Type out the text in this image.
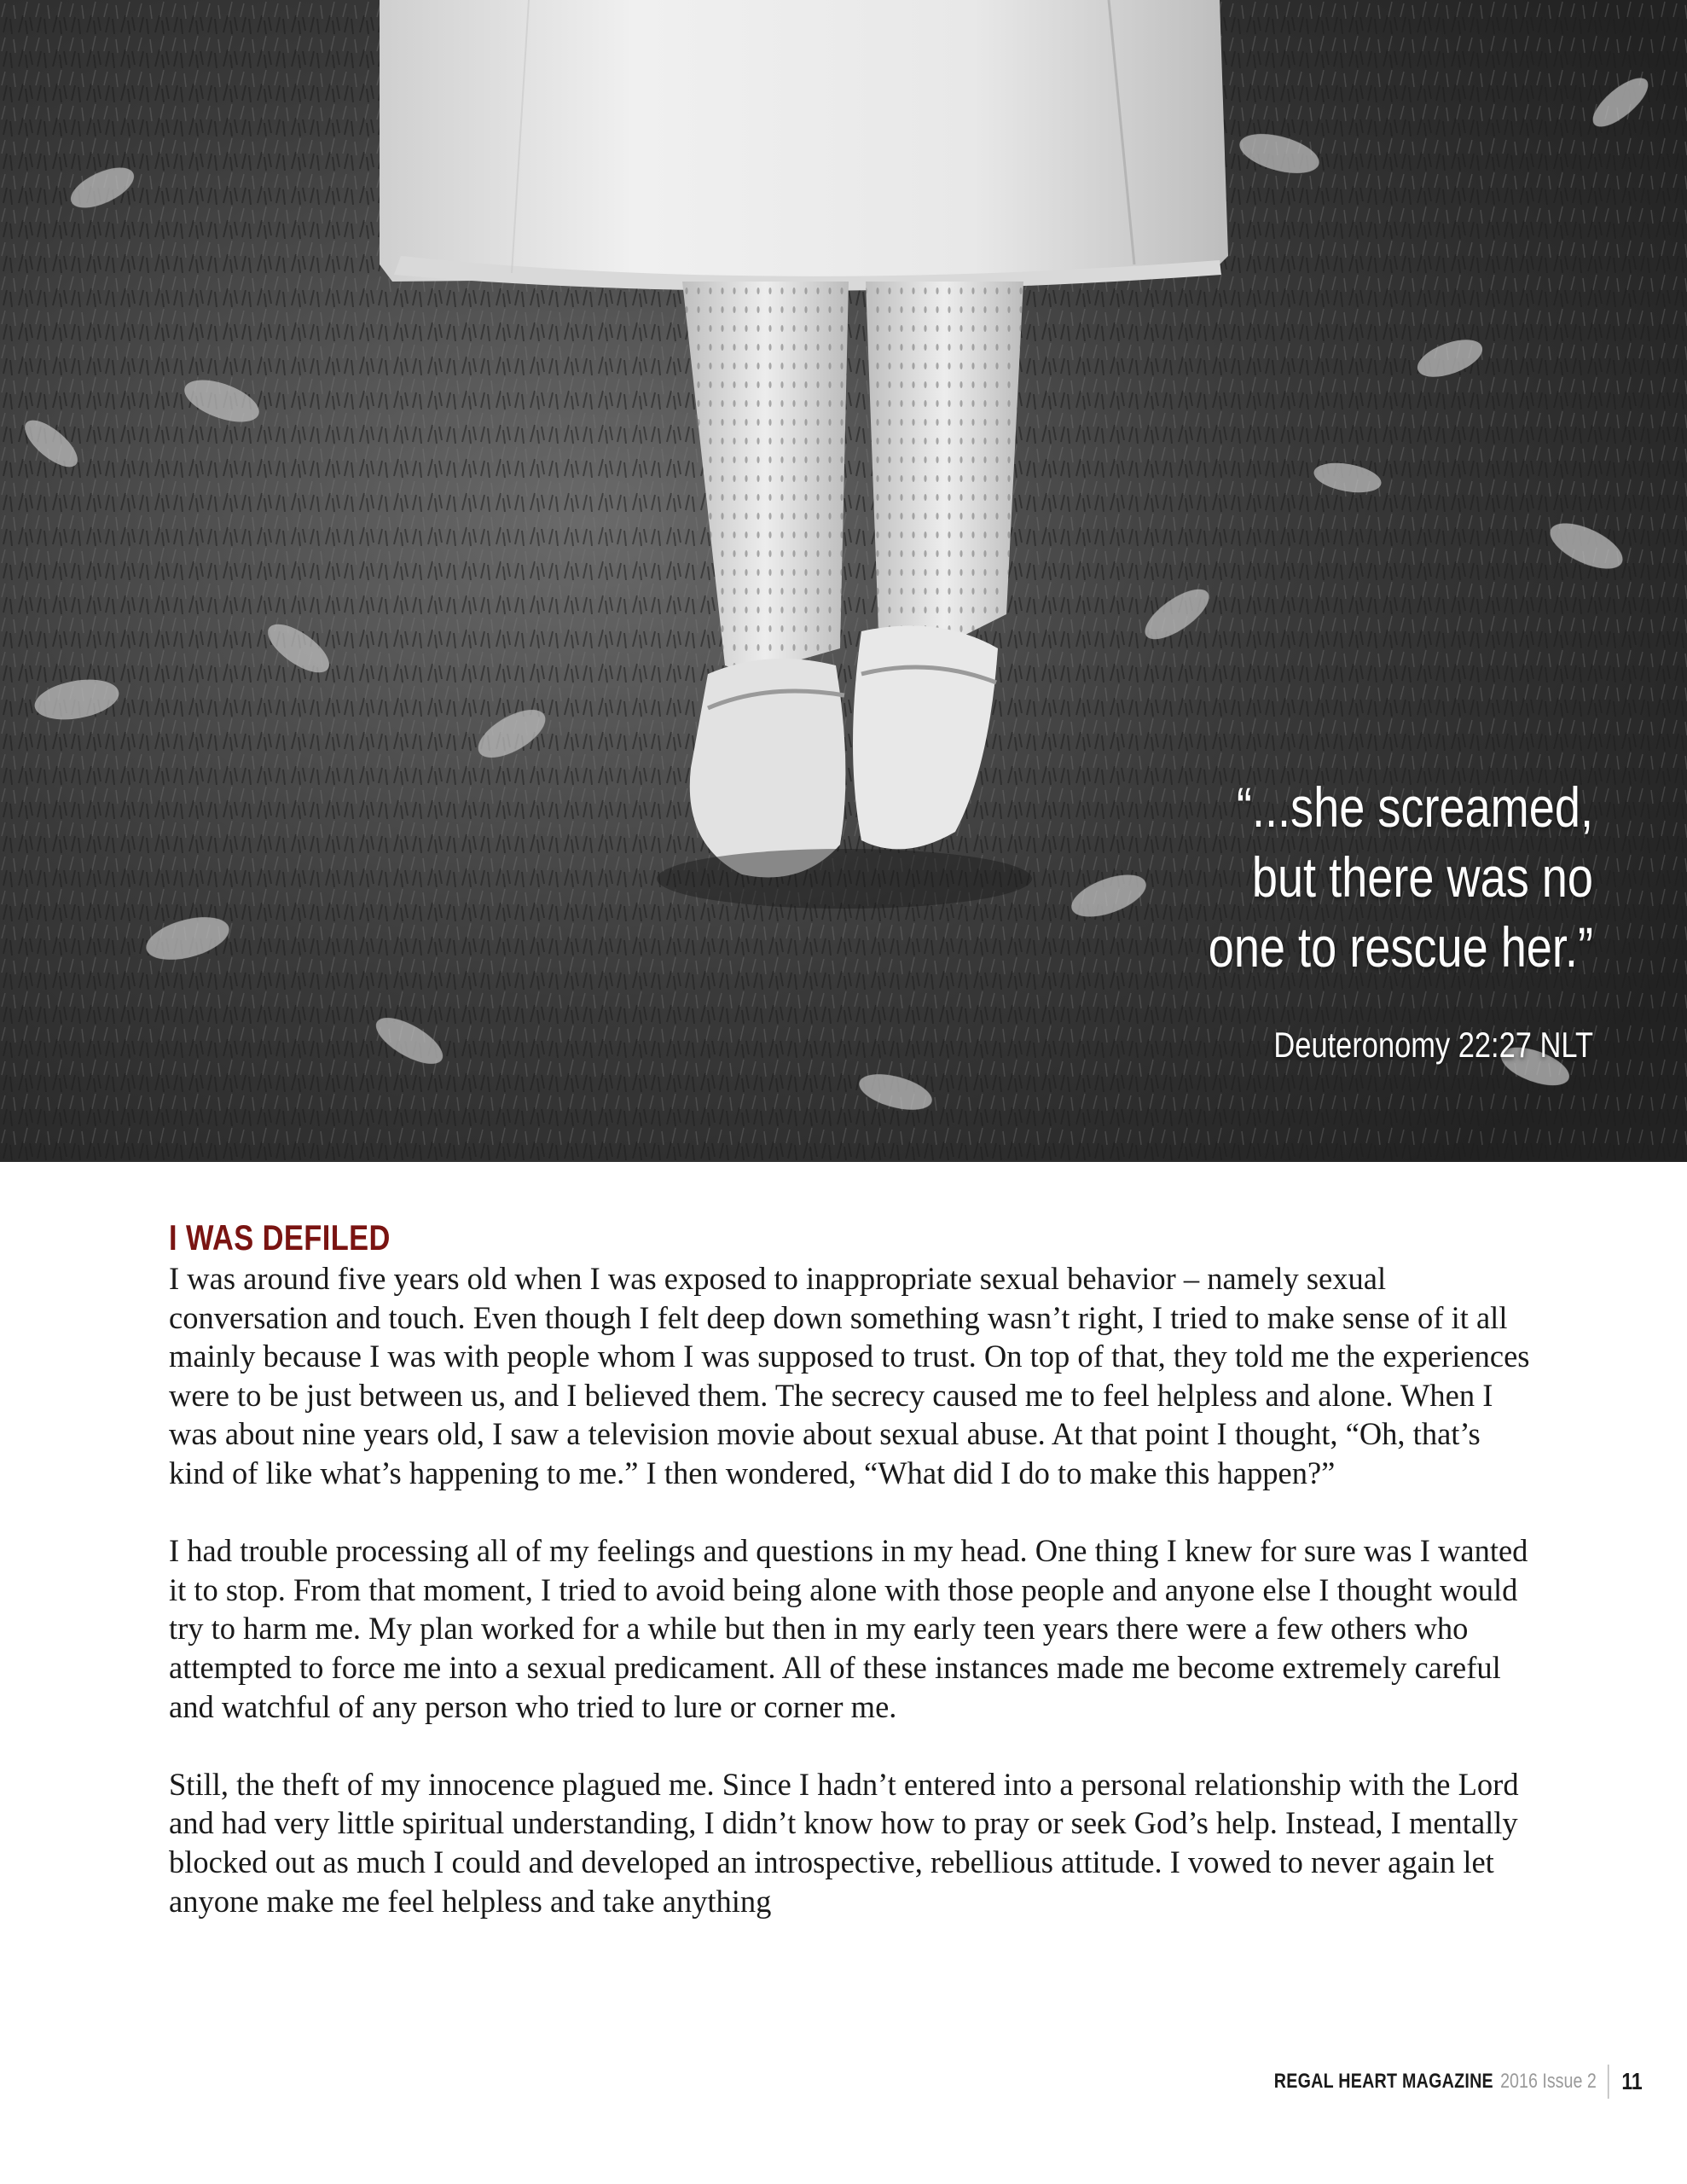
“...she screamed,
but there was no
one to rescue her.”
Deuteronomy 22:27 NLT
I WAS DEFILED

I was around five years old when I was exposed to inappropriate sexual behavior – namely sexual conversation and touch. Even though I felt deep down something wasn’t right, I tried to make sense of it all mainly because I was with people whom I was supposed to trust. On top of that, they told me the experiences were to be just between us, and I believed them. The secrecy caused me to feel helpless and alone. When I was about nine years old, I saw a television movie about sexual abuse. At that point I thought, “Oh, that’s kind of like what’s happening to me.” I then wondered, “What did I do to make this happen?”

I had trouble processing all of my feelings and questions in my head. One thing I knew for sure was I wanted it to stop. From that moment, I tried to avoid being alone with those people and anyone else I thought would try to harm me. My plan worked for a while but then in my early teen years there were a few others who attempted to force me into a sexual predicament. All of these instances made me become extremely careful and watchful of any person who tried to lure or corner me.

Still, the theft of my innocence plagued me. Since I hadn’t entered into a personal relationship with the Lord and had very little spiritual understanding, I didn’t know how to pray or seek God’s help. Instead, I mentally blocked out as much I could and developed an introspective, rebellious attitude. I vowed to never again let anyone make me feel helpless and take anything

REGAL HEART MAGAZINE 2016 Issue 2 11
